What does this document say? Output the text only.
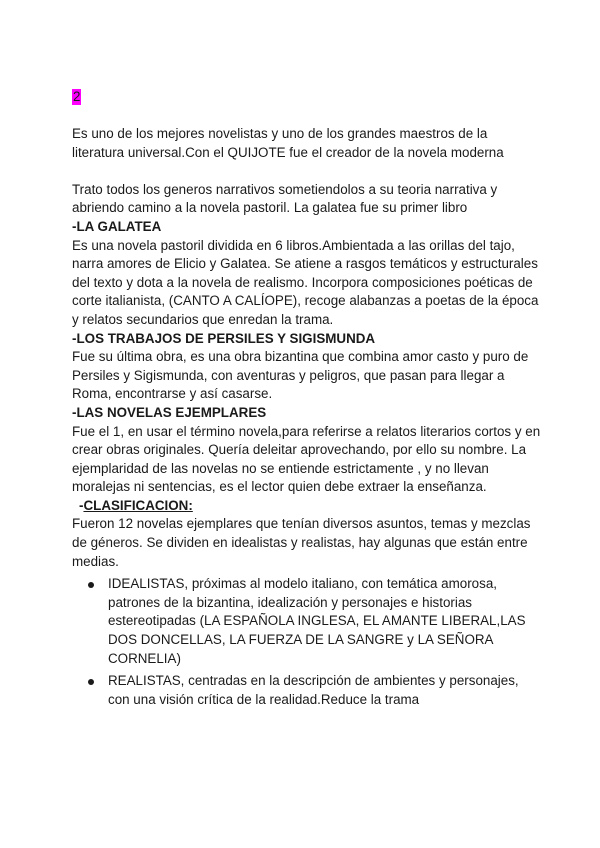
2

Es uno de los mejores novelistas y uno de los grandes maestros de la literatura universal.Con el QUIJOTE fue el creador de la novela moderna

Trato todos los generos narrativos sometiendolos a su teoria narrativa y abriendo camino a la novela pastoril. La galatea fue su primer libro

-LA GALATEA

Es una novela pastoril dividida en 6 libros.Ambientada a las orillas del tajo, narra amores de Elicio y Galatea. Se atiene a rasgos temáticos y estructurales del texto y dota a la novela de realismo. Incorpora composiciones poéticas de corte italianista, (CANTO A CALÍOPE), recoge alabanzas a poetas de la época y relatos secundarios que enredan la trama.

-LOS TRABAJOS DE PERSILES Y SIGISMUNDA

Fue su última obra, es una obra bizantina que combina amor casto y puro de Persiles y Sigismunda, con aventuras y peligros, que pasan para llegar a Roma, encontrarse y así casarse.

-LAS NOVELAS EJEMPLARES

Fue el 1, en usar el término novela,para referirse a relatos literarios cortos y en crear obras originales. Quería deleitar aprovechando, por ello su nombre. La ejemplaridad de las novelas no se entiende estrictamente , y no llevan moralejas ni sentencias, es el lector quien debe extraer la enseñanza.

-CLASIFICACION:

Fueron 12 novelas ejemplares que tenían diversos asuntos, temas y mezclas de géneros. Se dividen en idealistas y realistas, hay algunas que están entre medias.

IDEALISTAS, próximas al modelo italiano, con temática amorosa, patrones de la bizantina, idealización y personajes e historias estereotipadas (LA ESPAÑOLA INGLESA, EL AMANTE LIBERAL,LAS DOS DONCELLAS, LA FUERZA DE LA SANGRE y LA SEÑORA CORNELIA)
REALISTAS, centradas en la descripción de ambientes y personajes, con una visión crítica de la realidad.Reduce la trama
